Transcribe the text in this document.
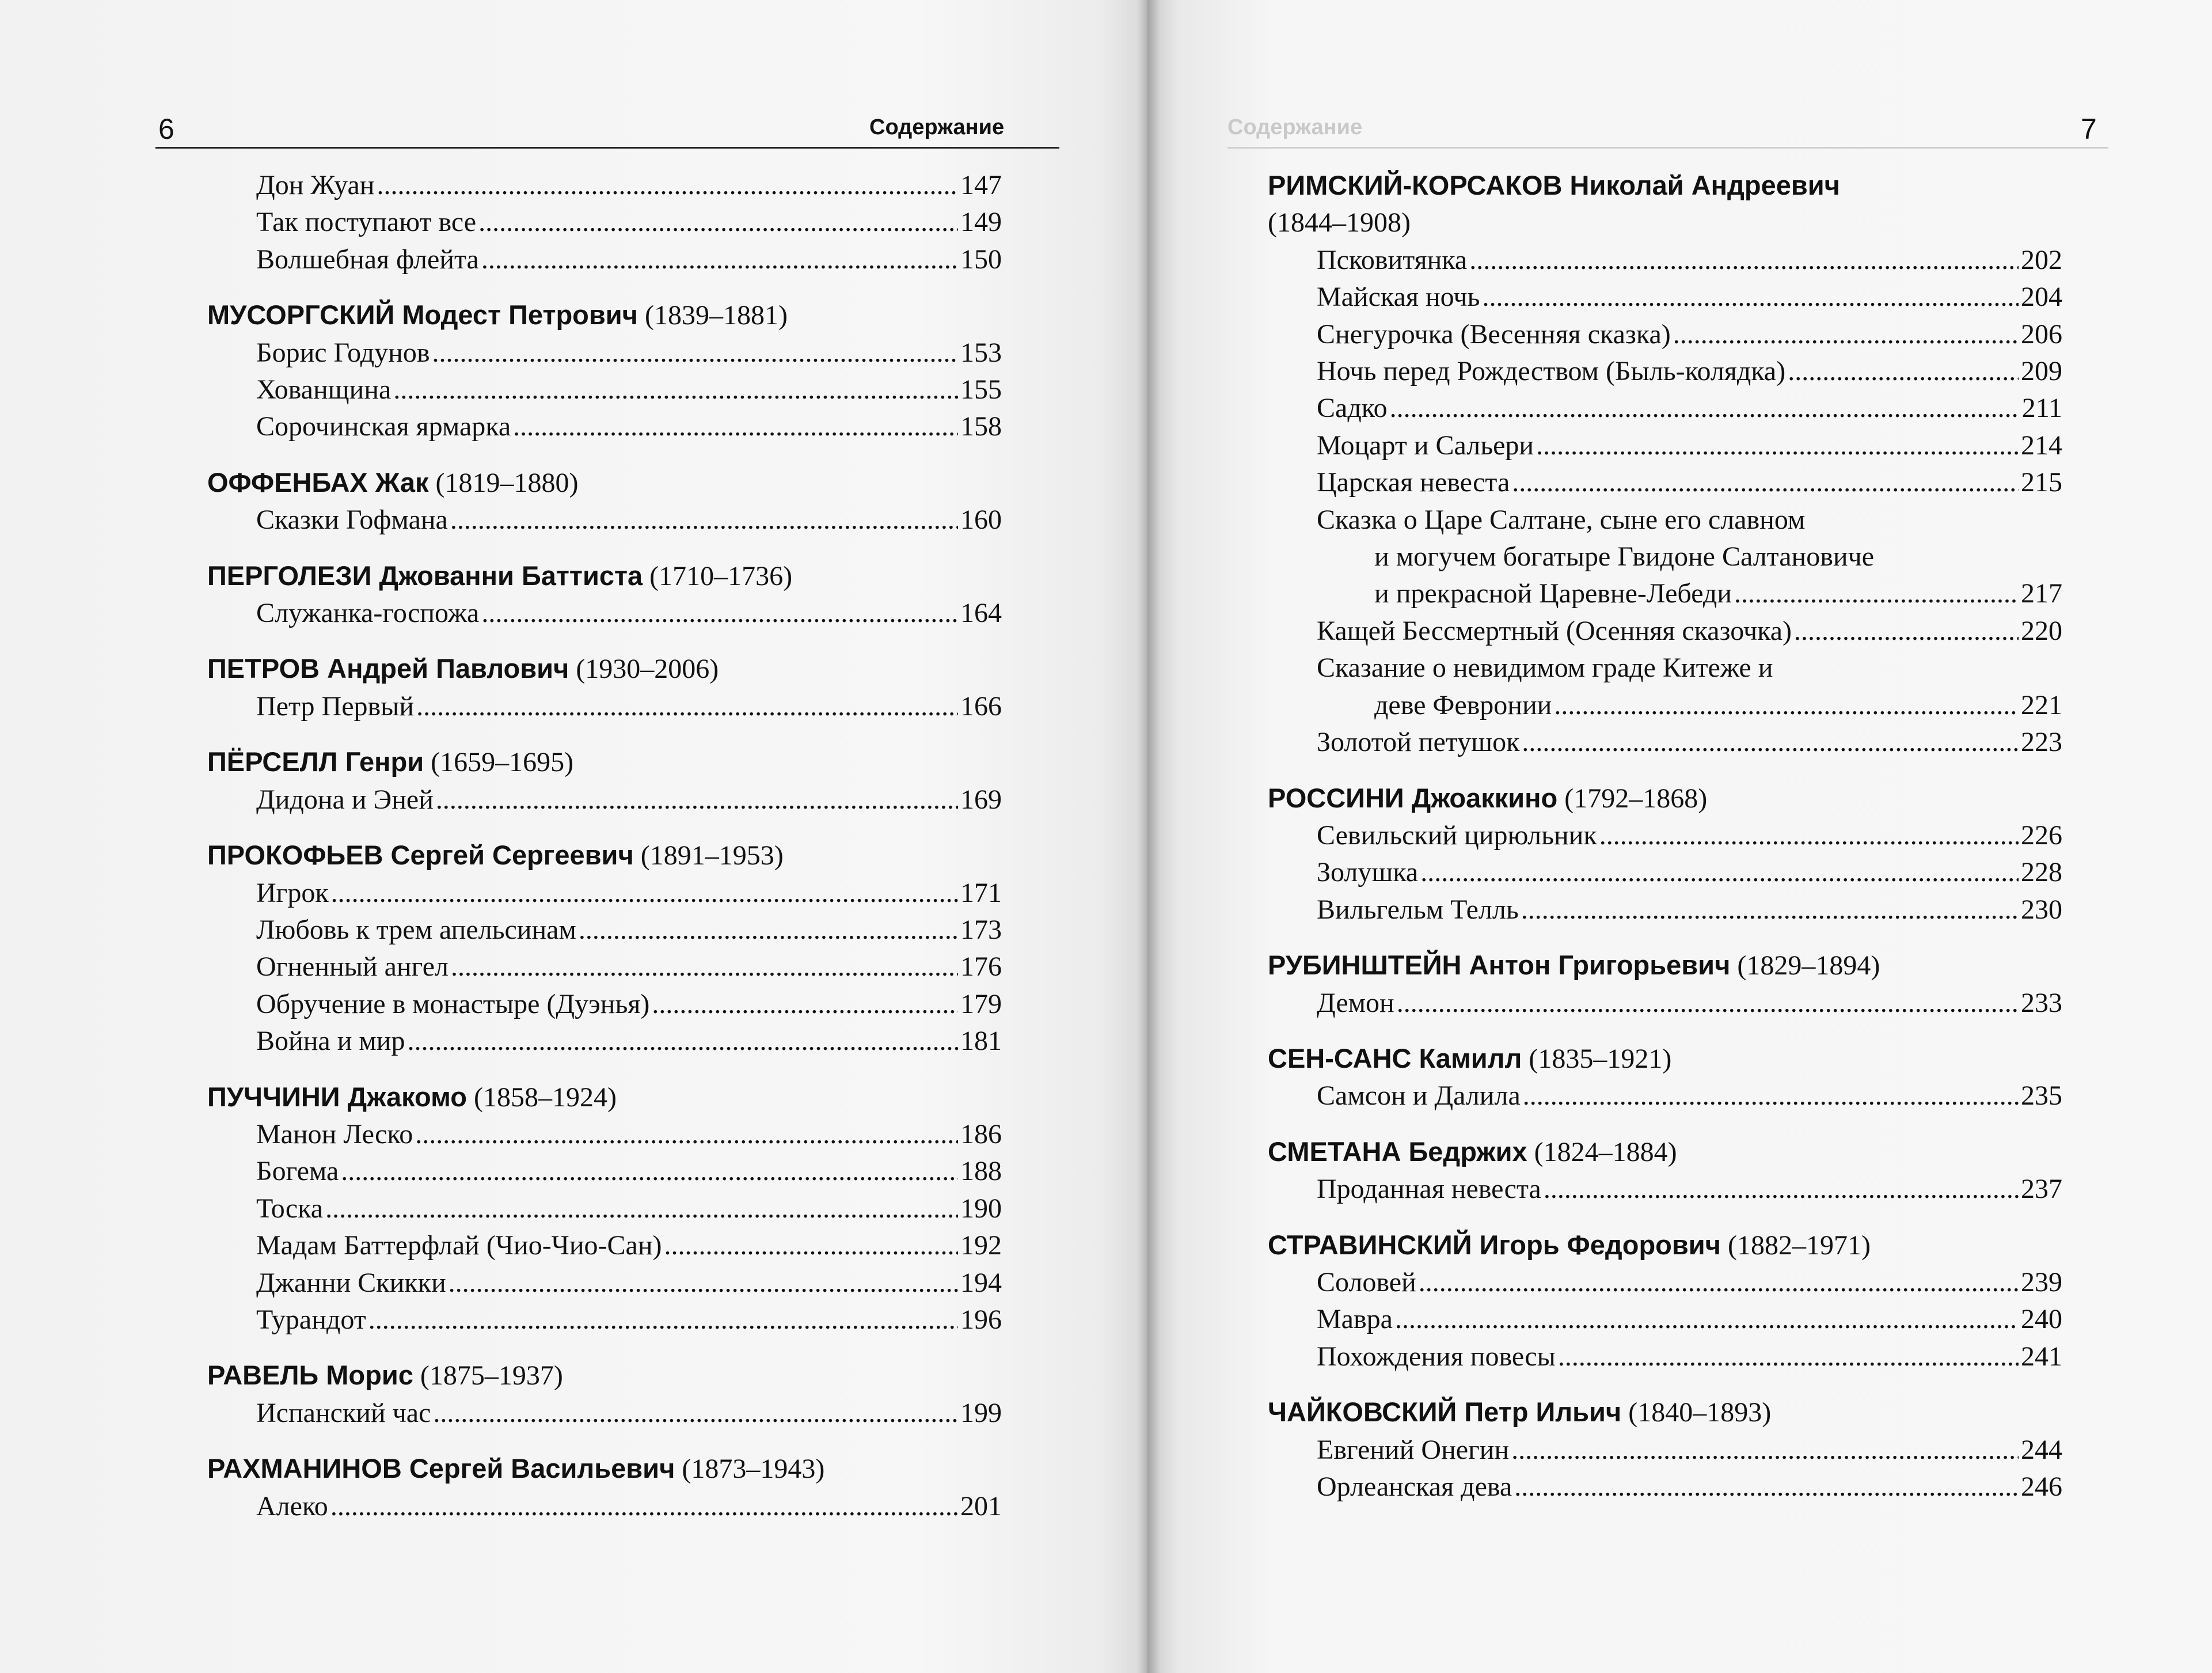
6	Содержание
Дон Жуан .....	147
Так поступают все .....	149
Волшебная флейта .....	150
МУСОРГСКИЙ Модест Петрович (1839–1881)
Борис Годунов .....	153
Хованщина .....	155
Сорочинская ярмарка .....	158
ОФФЕНБАХ Жак (1819–1880)
Сказки Гофмана .....	160
ПЕРГОЛЕЗИ Джованни Баттиста (1710–1736)
Служанка-госпожа .....	164
ПЕТРОВ Андрей Павлович (1930–2006)
Петр Первый .....	166
ПЁРСЕЛЛ Генри (1659–1695)
Дидона и Эней .....	169
ПРОКОФЬЕВ Сергей Сергеевич (1891–1953)
Игрок .....	171
Любовь к трем апельсинам .....	173
Огненный ангел .....	176
Обручение в монастыре (Дуэнья) .....	179
Война и мир .....	181
ПУЧЧИНИ Джакомо (1858–1924)
Манон Леско .....	186
Богема .....	188
Тоска .....	190
Мадам Баттерфлай (Чио-Чио-Сан) .....	192
Джанни Скикки .....	194
Турандот .....	196
РАВЕЛЬ Морис (1875–1937)
Испанский час .....	199
РАХМАНИНОВ Сергей Васильевич (1873–1943)
Алеко .....	201
7
Содержание
РИМСКИЙ-КОРСАКОВ Николай Андреевич
(1844–1908)
Псковитянка .....	202
Майская ночь .....	204
Снегурочка (Весенняя сказка) .....	206
Ночь перед Рождеством (Быль-колядка) .....	209
Садко .....	211
Моцарт и Сальери .....	214
Царская невеста .....	215
Сказка о Царе Салтане, сыне его славном
и могучем богатыре Гвидоне Салтановиче
и прекрасной Царевне-Лебеди .....	217
Кащей Бессмертный (Осенняя сказочка) .....	220
Сказание о невидимом граде Китеже и
деве Февронии .....	221
Золотой петушок .....	223
РОССИНИ Джоаккино (1792–1868)
Севильский цирюльник .....	226
Золушка .....	228
Вильгельм Телль .....	230
РУБИНШТЕЙН Антон Григорьевич (1829–1894)
Демон .....	233
СЕН-САНС Камилл (1835–1921)
Самсон и Далила .....	235
СМЕТАНА Бедржих (1824–1884)
Проданная невеста .....	237
СТРАВИНСКИЙ Игорь Федорович (1882–1971)
Соловей .....	239
Мавра .....	240
Похождения повесы .....	241
ЧАЙКОВСКИЙ Петр Ильич (1840–1893)
Евгений Онегин .....	244
Орлеанская дева .....	246
